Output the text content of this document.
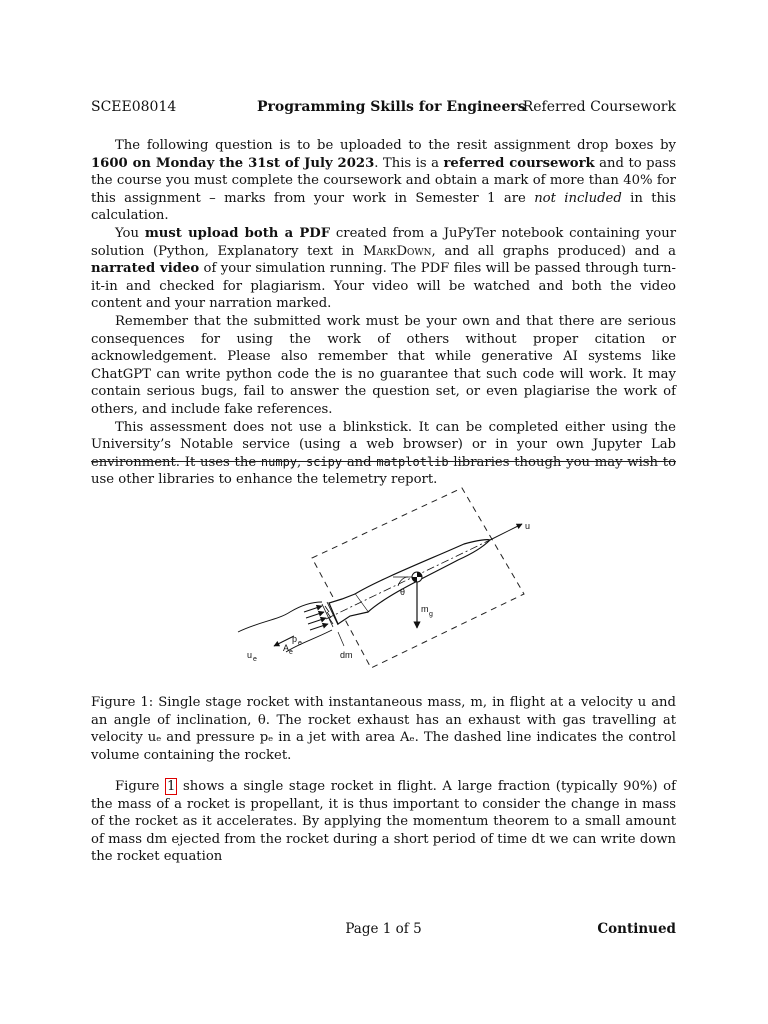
SCEE08014	Programming Skills for Engineers
Referred Coursework

The following question is to be uploaded to the resit assignment drop boxes by 1600 on Monday the 31st of July 2023. This is a referred coursework and to pass the course you must complete the coursework and obtain a mark of more than 40% for this assignment – marks from your work in Semester 1 are not included in this calculation.

You must upload both a PDF created from a JuPyTer notebook containing your solution (Python, Explanatory text in MarkDown, and all graphs produced) and a narrated video of your simulation running. The PDF files will be passed through turn-it-in and checked for plagiarism. Your video will be watched and both the video content and your narration marked.

Remember that the submitted work must be your own and that there are serious consequences for using the work of others without proper citation or acknowledgement. Please also remember that while generative AI systems like ChatGPT can write python code the is no guarantee that such code will work. It may contain serious bugs, fail to answer the question set, or even plagiarise the work of others, and include fake references.

This assessment does not use a blinkstick. It can be completed either using the University’s Notable service (using a web browser) or in your own Jupyter Lab environment. It uses the numpy, scipy and matplotlib libraries though you may wish to use other libraries to enhance the telemetry report.

u
θ
m
g
p e
A e
u e	dm

Figure 1: Single stage rocket with instantaneous mass, m, in flight at a velocity u and an angle of inclination, θ. The rocket exhaust has an exhaust with gas travelling at velocity uₑ and pressure pₑ in a jet with area Aₑ. The dashed line indicates the control volume containing the rocket.

Figure 1 shows a single stage rocket in flight. A large fraction (typically 90%) of the mass of a rocket is propellant, it is thus important to consider the change in mass of the rocket as it accelerates. By applying the momentum theorem to a small amount of mass dm ejected from the rocket during a short period of time dt we can write down the rocket equation

Page 1 of 5	Continued
